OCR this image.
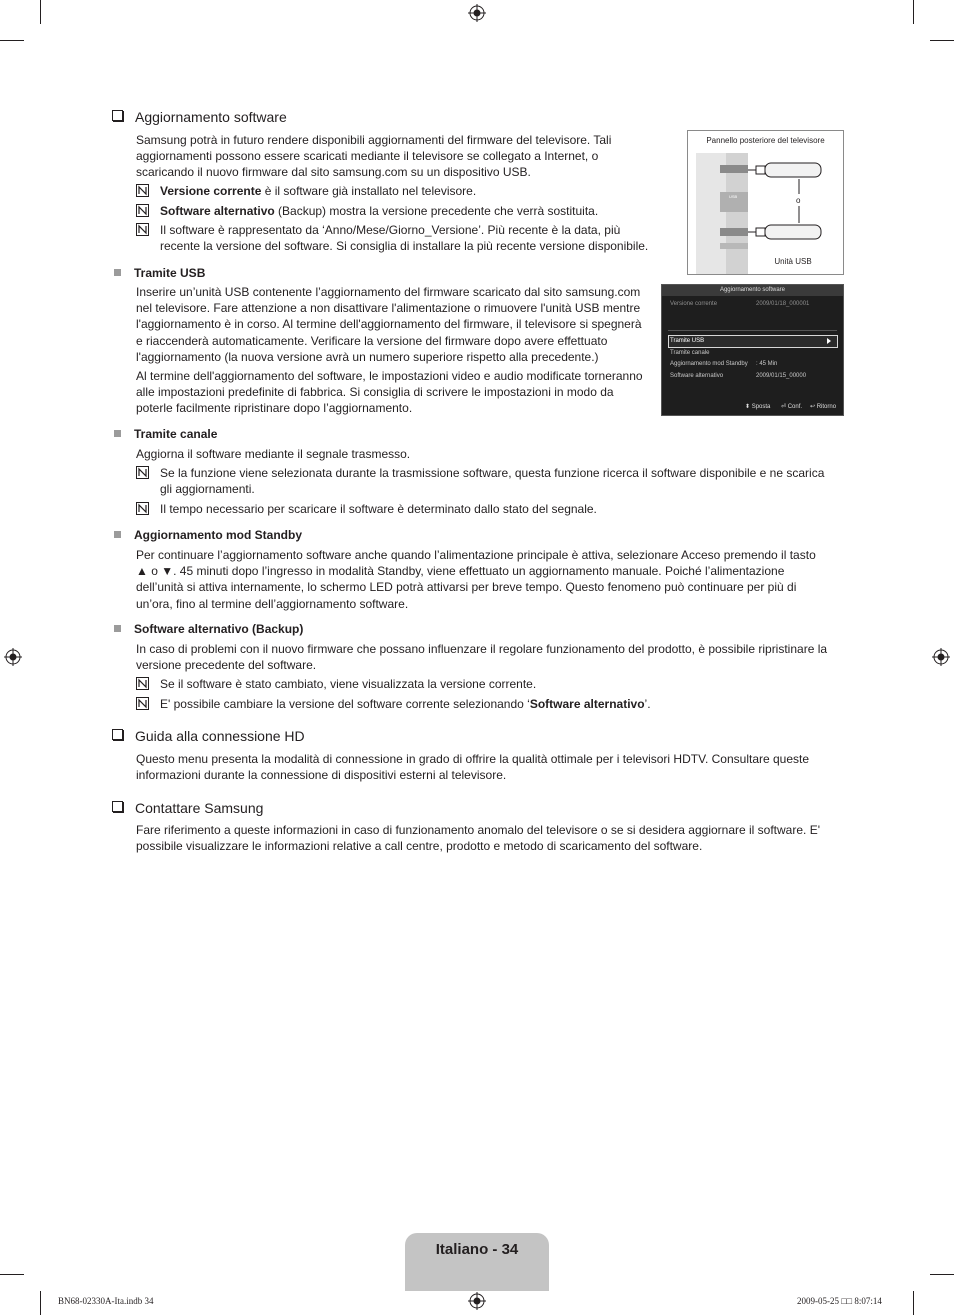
Aggiornamento software
Samsung potrà in futuro rendere disponibili aggiornamenti del firmware del televisore. Tali
aggiornamenti possono essere scaricati mediante il televisore se collegato a Internet, o
scaricando il nuovo firmware dal sito samsung.com su un dispositivo USB.
Versione corrente è il software già installato nel televisore.
Software alternativo (Backup) mostra la versione precedente che verrà sostituita.
Il software è rappresentato da ‘Anno/Mese/Giorno_Versione’. Più recente è la data, più
recente la versione del software. Si consiglia di installare la più recente versione disponibile.
Pannello posteriore del televisore
USB	o
Unità USB
Tramite USB
Inserire un’unità USB contenente l’aggiornamento del firmware scaricato dal sito samsung.com
nel televisore. Fare attenzione a non disattivare l'alimentazione o rimuovere l'unità USB mentre
l'aggiornamento è in corso. Al termine dell'aggiornamento del firmware, il televisore si spegnerà
e riaccenderà automaticamente. Verificare la versione del firmware dopo avere effettuato
l'aggiornamento (la nuova versione avrà un numero superiore rispetto alla precedente.)
Al termine dell'aggiornamento del software, le impostazioni video e audio modificate torneranno
alle impostazioni predefinite di fabbrica. Si consiglia di scrivere le impostazioni in modo da
poterle facilmente ripristinare dopo l’aggiornamento.
Aggiornamento software
Versione corrente	2009/01/18_000001
Tramite USB
Tramite canale
Aggiornamento mod Standby : 45 Min
Software alternativo	2009/01/15_00000
⬍ Sposta ⏎ Conf. ↩ Ritorno
Tramite canale
Aggiorna il software mediante il segnale trasmesso.
Se la funzione viene selezionata durante la trasmissione software, questa funzione ricerca il software disponibile e ne scarica
gli aggiornamenti.
Il tempo necessario per scaricare il software è determinato dallo stato del segnale.
Aggiornamento mod Standby
Per continuare l’aggiornamento software anche quando l’alimentazione principale è attiva, selezionare Acceso premendo il tasto
▲ o ▼. 45 minuti dopo l’ingresso in modalità Standby, viene effettuato un aggiornamento manuale. Poiché l’alimentazione
dell’unità si attiva internamente, lo schermo LED potrà attivarsi per breve tempo. Questo fenomeno può continuare per più di
un’ora, fino al termine dell’aggiornamento software.
Software alternativo (Backup)
In caso di problemi con il nuovo firmware che possano influenzare il regolare funzionamento del prodotto, è possibile ripristinare la
versione precedente del software.
Se il software è stato cambiato, viene visualizzata la versione corrente.
E' possibile cambiare la versione del software corrente selezionando ‘Software alternativo’.
Guida alla connessione HD
Questo menu presenta la modalità di connessione in grado di offrire la qualità ottimale per i televisori HDTV. Consultare queste
informazioni durante la connessione di dispositivi esterni al televisore.
Contattare Samsung
Fare riferimento a queste informazioni in caso di funzionamento anomalo del televisore o se si desidera aggiornare il software. E'
possibile visualizzare le informazioni relative a call centre, prodotto e metodo di scaricamento del software.
Italiano - 34
BN68-02330A-Ita.indb 34	2009-05-25 □□ 8:07:14
